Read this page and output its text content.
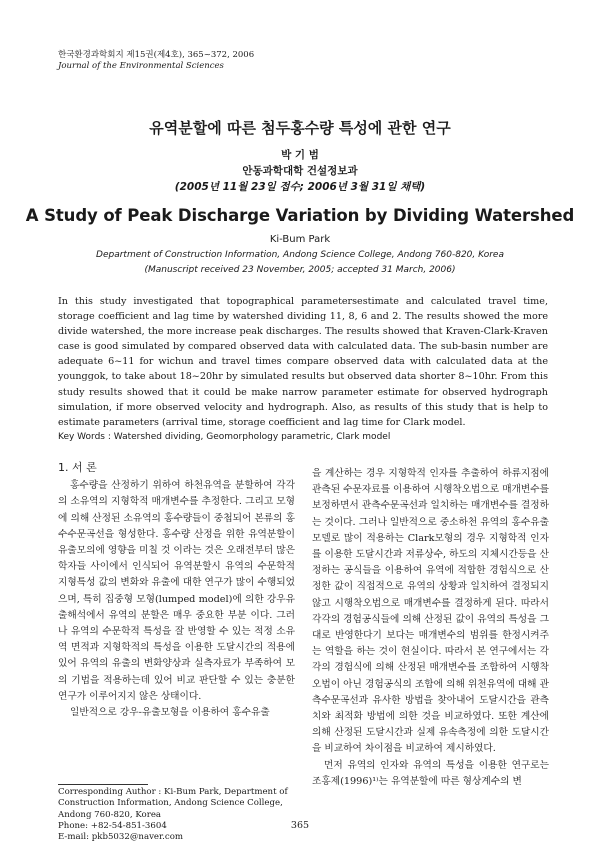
한국환경과학회지 제15권(제4호), 365~372, 2006
Journal of the Environmental Sciences
유역분할에 따른 첨두홍수량 특성에 관한 연구
박 기 범
안동과학대학 건설정보과
(2005년 11월 23일 접수; 2006년 3월 31일 채택)
A Study of Peak Discharge Variation by Dividing Watershed
Ki-Bum Park
Department of Construction Information, Andong Science College, Andong 760-820, Korea
(Manuscript received 23 November, 2005; accepted 31 March, 2006)

In this study investigated that topographical parametersestimate and calculated travel time, storage coefficient and lag time by watershed dividing 11, 8, 6 and 2. The results showed the more divide watershed, the more increase peak discharges. The results showed that Kraven-Clark-Kraven case is good simulated by compared observed data with calculated data. The sub-basin number are adequate 6~11 for wichun and travel times compare observed data with calculated data at the younggok, to take about 18~20hr by simulated results but observed data shorter 8~10hr. From this study results showed that it could be make narrow parameter estimate for observed hydrograph simulation, if more observed velocity and hydrograph. Also, as results of this study that is help to estimate parameters (arrival time, storage coefficient and lag time for Clark model.

Key Words : Watershed dividing, Geomorphology parametric, Clark model

1. 서 론

홍수량을 산정하기 위하여 하천유역을 분할하여 각각의 소유역의 지형학적 매개변수를 추정한다. 그리고 모형에 의해 산정된 소유역의 홍수량들이 중첩되어 본류의 홍수수문곡선을 형성한다. 홍수량 산정을 위한 유역분할이 유출모의에 영향을 미칠 것 이라는 것은 오래전부터 많은 학자들 사이에서 인식되어 유역분할시 유역의 수문학적 지형특성 값의 변화와 유출에 대한 연구가 많이 수행되었으며, 특히 집중형 모형(lumped model)에 의한 강우유출해석에서 유역의 분할은 매우 중요한 부분 이다. 그러나 유역의 수문학적 특성을 잘 반영할 수 있는 적정 소유역 면적과 지형학적의 특성을 이용한 도달시간의 적용에 있어 유역의 유출의 변화양상과 실측자료가 부족하여 모의 기법을 적용하는데 있어 비교 판단할 수 있는 충분한 연구가 이루어지지 않은 상태이다.

일반적으로 강우-유출모형을 이용하여 홍수유출

을 계산하는 경우 지형학적 인자를 추출하여 하류지점에 관측된 수문자료를 이용하여 시행착오법으로 매개변수를 보정하면서 관측수문곡선과 일치하는 매개변수를 결정하는 것이다. 그러나 일반적으로 중소하천 유역의 홍수유출모델로 많이 적용하는 Clark모형의 경우 지형학적 인자를 이용한 도달시간과 저류상수, 하도의 지체시간등을 산정하는 공식들을 이용하여 유역에 적합한 경험식으로 산정한 값이 직접적으로 유역의 상황과 일치하여 결정되지 않고 시행착오법으로 매개변수를 결정하게 된다. 따라서 각각의 경험공식들에 의해 산정된 값이 유역의 특성을 그대로 반영한다기 보다는 매개변수의 범위를 한정시켜주는 역할을 하는 것이 현실이다. 따라서 본 연구에서는 각각의 경험식에 의해 산정된 매개변수를 조합하여 시행착오법이 아닌 경험공식의 조합에 의해 위천유역에 대해 관측수문곡선과 유사한 방법을 찾아내어 도달시간을 관측치와 최적화 방법에 의한 것을 비교하였다. 또한 계산에 의해 산정된 도달시간과 실제 유속측정에 의한 도달시간을 비교하여 차이점을 비교하여 제시하였다.

먼저 유역의 인자와 유역의 특성을 이용한 연구로는 조홍제(1996)¹⁾는 유역분할에 따른 형상계수의 변

Corresponding Author : Ki-Bum Park, Department of Construction Information, Andong Science College, Andong 760-820, Korea
Phone: +82-54-851-3604
E-mail: pkb5032@naver.com
365
